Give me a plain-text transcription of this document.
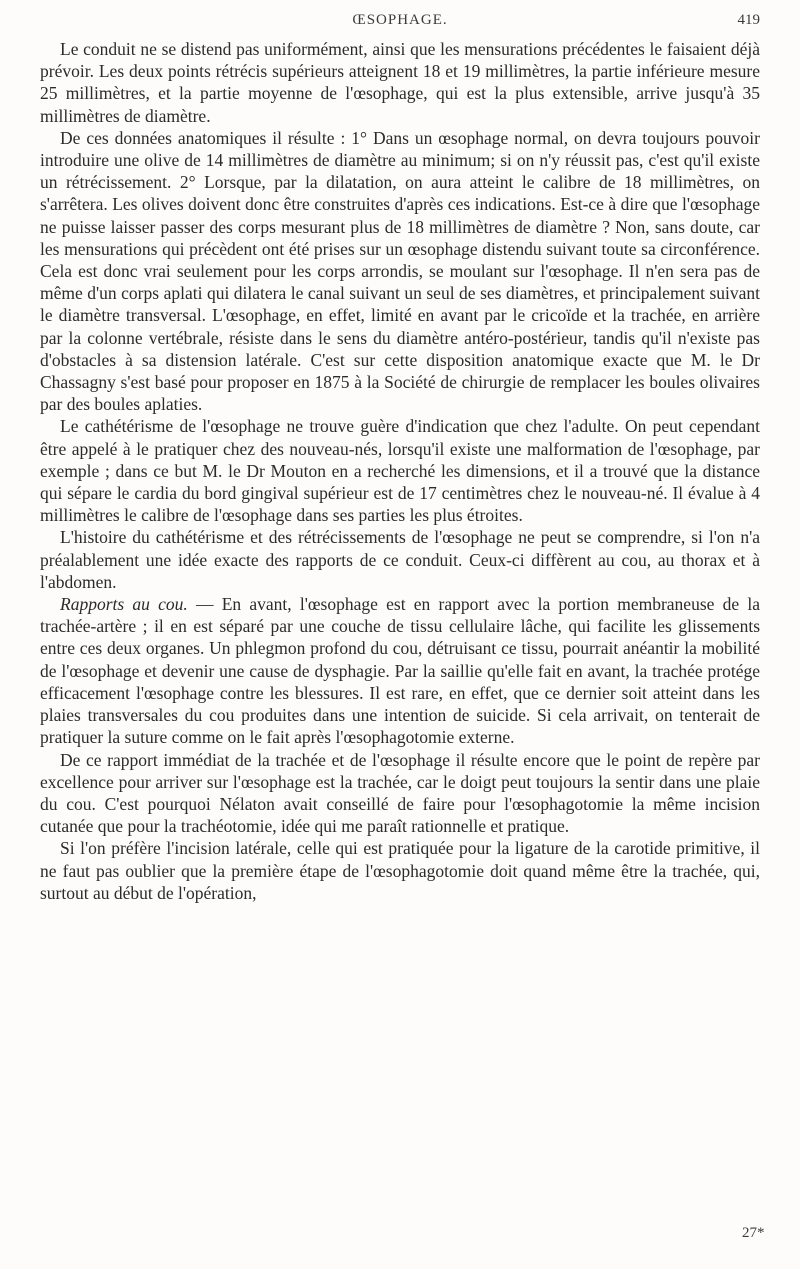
ŒSOPHAGE.	419

Le conduit ne se distend pas uniformément, ainsi que les mensurations précédentes le faisaient déjà prévoir. Les deux points rétrécis supérieurs atteignent 18 et 19 millimètres, la partie inférieure mesure 25 millimètres, et la partie moyenne de l'œsophage, qui est la plus extensible, arrive jusqu'à 35 millimètres de diamètre.

De ces données anatomiques il résulte : 1° Dans un œsophage normal, on devra toujours pouvoir introduire une olive de 14 millimètres de diamètre au minimum; si on n'y réussit pas, c'est qu'il existe un rétrécissement. 2° Lorsque, par la dilatation, on aura atteint le calibre de 18 millimètres, on s'arrêtera. Les olives doivent donc être construites d'après ces indications. Est-ce à dire que l'œsophage ne puisse laisser passer des corps mesurant plus de 18 millimètres de diamètre ? Non, sans doute, car les mensurations qui précèdent ont été prises sur un œsophage distendu suivant toute sa circonférence. Cela est donc vrai seulement pour les corps arrondis, se moulant sur l'œsophage. Il n'en sera pas de même d'un corps aplati qui dilatera le canal suivant un seul de ses diamètres, et principalement suivant le diamètre transversal. L'œsophage, en effet, limité en avant par le cricoïde et la trachée, en arrière par la colonne vertébrale, résiste dans le sens du diamètre antéro-postérieur, tandis qu'il n'existe pas d'obstacles à sa distension latérale. C'est sur cette disposition anatomique exacte que M. le Dr Chassagny s'est basé pour proposer en 1875 à la Société de chirurgie de remplacer les boules olivaires par des boules aplaties.

Le cathétérisme de l'œsophage ne trouve guère d'indication que chez l'adulte. On peut cependant être appelé à le pratiquer chez des nouveau-nés, lorsqu'il existe une malformation de l'œsophage, par exemple ; dans ce but M. le Dr Mouton en a recherché les dimensions, et il a trouvé que la distance qui sépare le cardia du bord gingival supérieur est de 17 centimètres chez le nouveau-né. Il évalue à 4 millimètres le calibre de l'œsophage dans ses parties les plus étroites.

L'histoire du cathétérisme et des rétrécissements de l'œsophage ne peut se comprendre, si l'on n'a préalablement une idée exacte des rapports de ce conduit. Ceux-ci diffèrent au cou, au thorax et à l'abdomen.

Rapports au cou. — En avant, l'œsophage est en rapport avec la portion membraneuse de la trachée-artère ; il en est séparé par une couche de tissu cellulaire lâche, qui facilite les glissements entre ces deux organes. Un phlegmon profond du cou, détruisant ce tissu, pourrait anéantir la mobilité de l'œsophage et devenir une cause de dysphagie. Par la saillie qu'elle fait en avant, la trachée protége efficacement l'œsophage contre les blessures. Il est rare, en effet, que ce dernier soit atteint dans les plaies transversales du cou produites dans une intention de suicide. Si cela arrivait, on tenterait de pratiquer la suture comme on le fait après l'œsophagotomie externe.

De ce rapport immédiat de la trachée et de l'œsophage il résulte encore que le point de repère par excellence pour arriver sur l'œsophage est la trachée, car le doigt peut toujours la sentir dans une plaie du cou. C'est pourquoi Nélaton avait conseillé de faire pour l'œsophagotomie la même incision cutanée que pour la trachéotomie, idée qui me paraît rationnelle et pratique.

Si l'on préfère l'incision latérale, celle qui est pratiquée pour la ligature de la carotide primitive, il ne faut pas oublier que la première étape de l'œsophagotomie doit quand même être la trachée, qui, surtout au début de l'opération,

27*
